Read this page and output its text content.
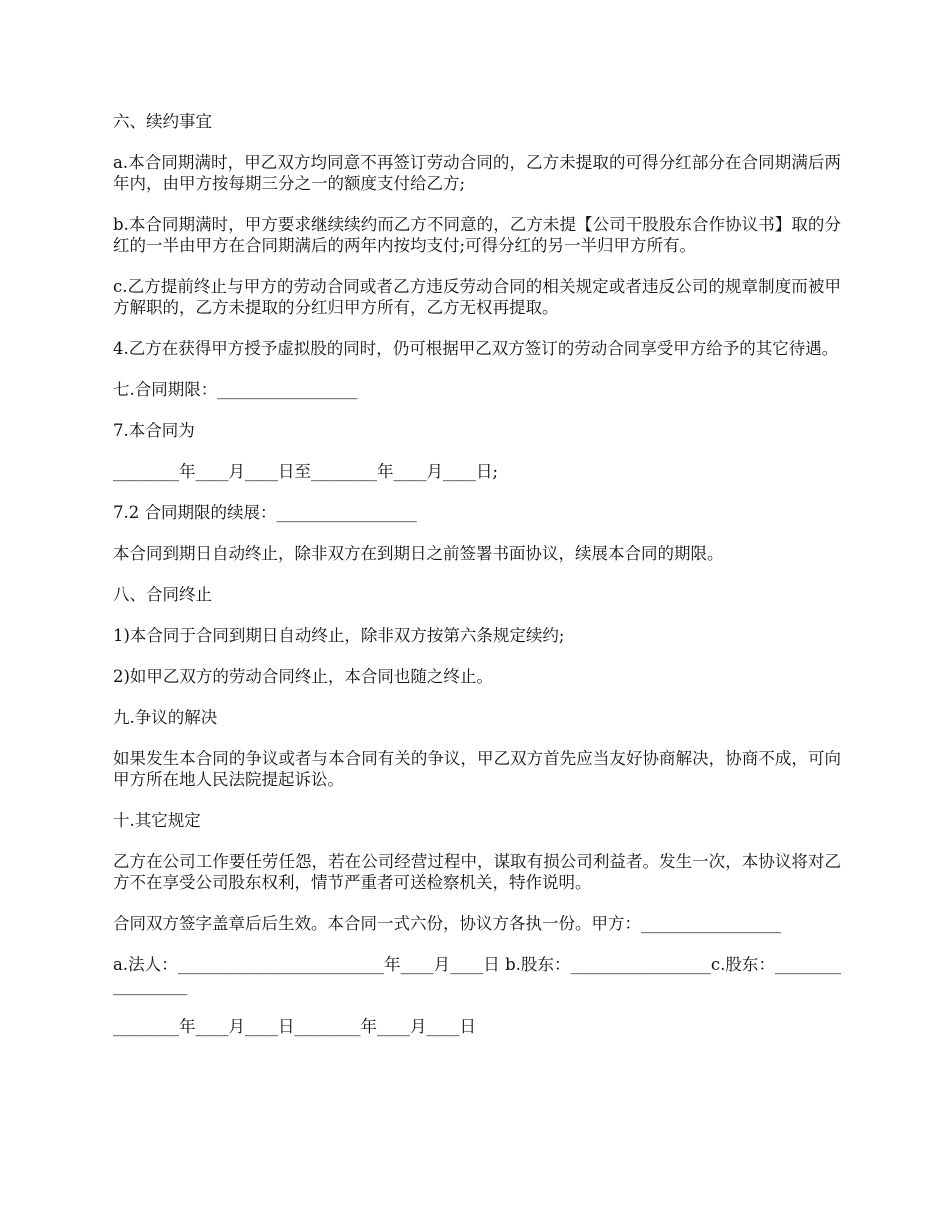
六、续约事宜

a.本合同期满时，甲乙双方均同意不再签订劳动合同的，乙方未提取的可得分红部分在合同期满后两年内，由甲方按每期三分之一的额度支付给乙方;

b.本合同期满时，甲方要求继续续约而乙方不同意的，乙方未提【公司干股股东合作协议书】取的分红的一半由甲方在合同期满后的两年内按均支付;可得分红的另一半归甲方所有。

c.乙方提前终止与甲方的劳动合同或者乙方违反劳动合同的相关规定或者违反公司的规章制度而被甲方解职的，乙方未提取的分红归甲方所有，乙方无权再提取。

4.乙方在获得甲方授予虚拟股的同时，仍可根据甲乙双方签订的劳动合同享受甲方给予的其它待遇。

七.合同期限：_________________

7.本合同为

________年____月____日至________年____月____日;

7.2 合同期限的续展：_________________

本合同到期日自动终止，除非双方在到期日之前签署书面协议，续展本合同的期限。

八、合同终止

1)本合同于合同到期日自动终止，除非双方按第六条规定续约;

2)如甲乙双方的劳动合同终止，本合同也随之终止。

九.争议的解决

如果发生本合同的争议或者与本合同有关的争议，甲乙双方首先应当友好协商解决，协商不成，可向甲方所在地人民法院提起诉讼。

十.其它规定

乙方在公司工作要任劳任怨，若在公司经营过程中，谋取有损公司利益者。发生一次，本协议将对乙方不在享受公司股东权利，情节严重者可送检察机关，特作说明。

合同双方签字盖章后后生效。本合同一式六份，协议方各执一份。甲方：_________________

a.法人：_________________________年____月____日 b.股东：_________________c.股东：_________________

________年____月____日________年____月____日
